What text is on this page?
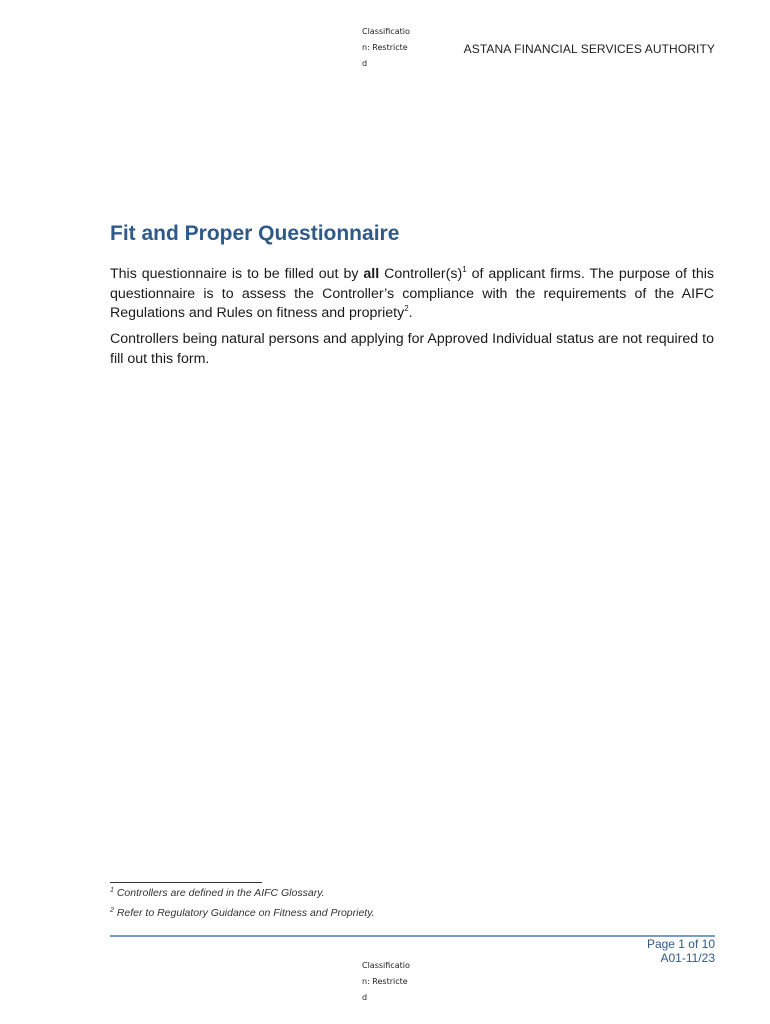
Classification: Restricted
ASTANA FINANCIAL SERVICES AUTHORITY
Fit and Proper Questionnaire

This questionnaire is to be filled out by all $Controller(s)^1$ of applicant firms. The purpose of this questionnaire is to assess the Controller’s compliance with the requirements of the AIFC Regulations and Rules on fitness and propriety$^2$.

Controllers being natural persons and applying for Approved Individual status are not required to fill out this form.

$^1$ Controllers are defined in the AIFC Glossary.
$^2$ Refer to Regulatory Guidance on Fitness and Propriety.
Page 1 of 10
A01-11/23
Classification: Restricted
